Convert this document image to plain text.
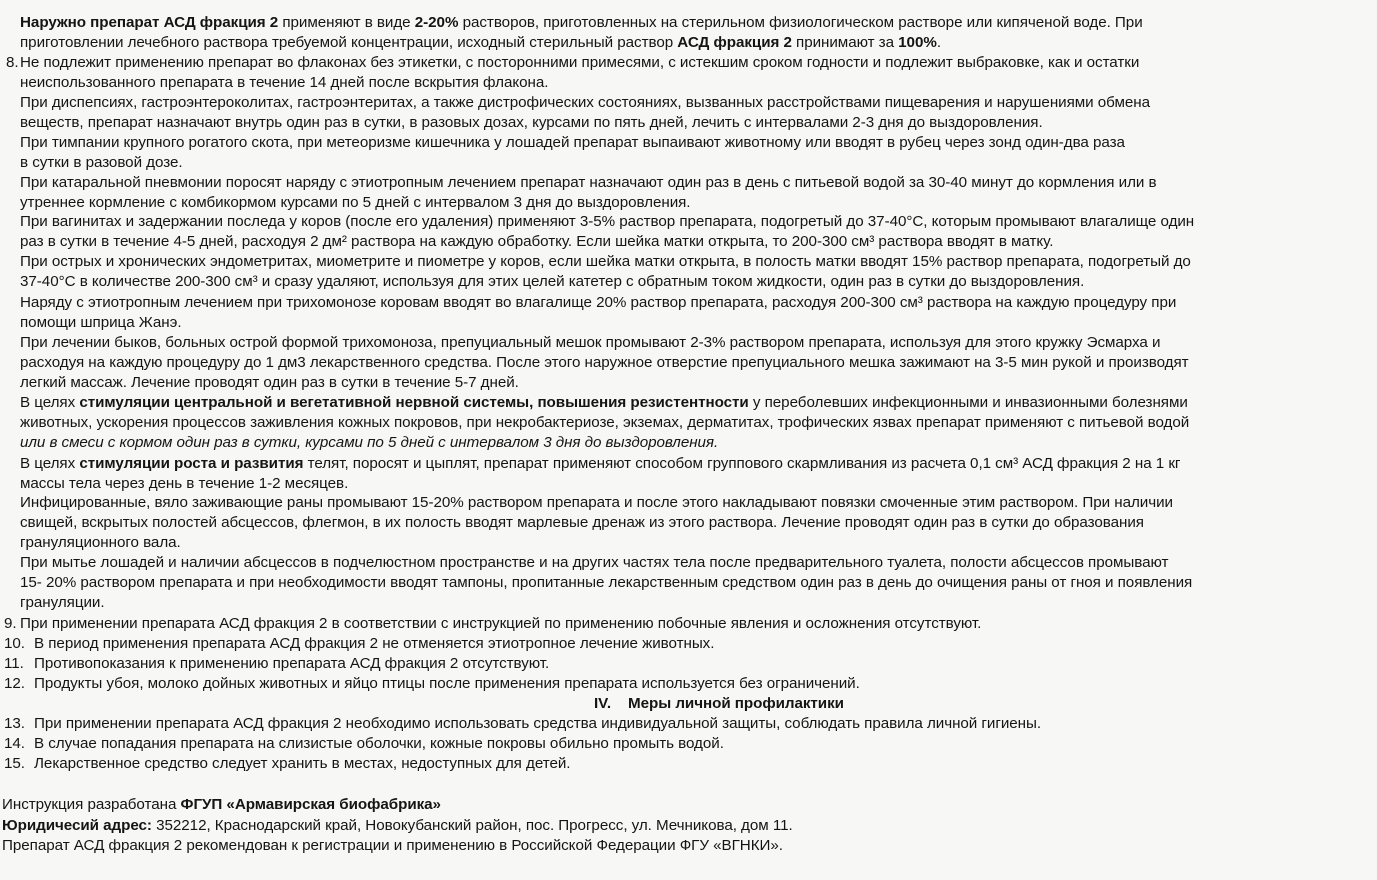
Наружно препарат АСД фракция 2 применяют в виде 2-20% растворов, приготовленных на стерильном физиологическом растворе или кипяченой воде. При
приготовлении лечебного раствора требуемой концентрации, исходный стерильный раствор АСД фракция 2 принимают за 100%.
8. Не подлежит применению препарат во флаконах без этикетки, с посторонними примесями, с истекшим сроком годности и подлежит выбраковке, как и остатки
неиспользованного препарата в течение 14 дней после вскрытия флакона.
При диспепсиях, гастроэнтероколитах, гастроэнтеритах, а также дистрофических состояниях, вызванных расстройствами пищеварения и нарушениями обмена
веществ, препарат назначают внутрь один раз в сутки, в разовых дозах, курсами по пять дней, лечить с интервалами 2-3 дня до выздоровления.
При тимпании крупного рогатого скота, при метеоризме кишечника у лошадей препарат выпаивают животному или вводят в рубец через зонд один-два раза
в сутки в разовой дозе.
При катаральной пневмонии поросят наряду с этиотропным лечением препарат назначают один раз в день с питьевой водой за 30-40 минут до кормления или в
утреннее кормление с комбикормом курсами по 5 дней с интервалом 3 дня до выздоровления.
При вагинитах и задержании последа у коров (после его удаления) применяют 3-5% раствор препарата, подогретый до 37-40°С, которым промывают влагалище один
раз в сутки в течение 4-5 дней, расходуя 2 дм² раствора на каждую обработку. Если шейка матки открыта, то 200-300 см³ раствора вводят в матку.
При острых и хронических эндометритах, миометрите и пиометре у коров, если шейка матки открыта, в полость матки вводят 15% раствор препарата, подогретый до
37-40°С в количестве 200-300 см³ и сразу удаляют, используя для этих целей катетер с обратным током жидкости, один раз в сутки до выздоровления.
Наряду с этиотропным лечением при трихомонозе коровам вводят во влагалище 20% раствор препарата, расходуя 200-300 см³ раствора на каждую процедуру при
помощи шприца Жанэ.
При лечении быков, больных острой формой трихомоноза, препуциальный мешок промывают 2-3% раствором препарата, используя для этого кружку Эсмарха и
расходуя на каждую процедуру до 1 дм3 лекарственного средства. После этого наружное отверстие препуциального мешка зажимают на 3-5 мин рукой и производят
легкий массаж. Лечение проводят один раз в сутки в течение 5-7 дней.
В целях стимуляции центральной и вегетативной нервной системы, повышения резистентности у переболевших инфекционными и инвазионными болезнями
животных, ускорения процессов заживления кожных покровов, при некробактериозе, экземах, дерматитах, трофических язвах препарат применяют с питьевой водой
или в смеси с кормом один раз в сутки, курсами по 5 дней с интервалом 3 дня до выздоровления.
В целях стимуляции роста и развития телят, поросят и цыплят, препарат применяют способом группового скармливания из расчета 0,1 см³ АСД фракция 2 на 1 кг
массы тела через день в течение 1-2 месяцев.
Инфицированные, вяло заживающие раны промывают 15-20% раствором препарата и после этого накладывают повязки смоченные этим раствором. При наличии
свищей, вскрытых полостей абсцессов, флегмон, в их полость вводят марлевые дренаж из этого раствора. Лечение проводят один раз в сутки до образования
грануляционного вала.
При мытье лошадей и наличии абсцессов в подчелюстном пространстве и на других частях тела после предварительного туалета, полости абсцессов промывают
15- 20% раствором препарата и при необходимости вводят тампоны, пропитанные лекарственным средством один раз в день до очищения раны от гноя и появления
грануляции.
9. При применении препарата АСД фракция 2 в соответствии с инструкцией по применению побочные явления и осложнения отсутствуют.
10. В период применения препарата АСД фракция 2 не отменяется этиотропное лечение животных.
11. Противопоказания к применению препарата АСД фракция 2 отсутствуют.
12. Продукты убоя, молоко дойных животных и яйцо птицы после применения препарата используется без ограничений.
IV. Меры личной профилактики
13. При применении препарата АСД фракция 2 необходимо использовать средства индивидуальной защиты, соблюдать правила личной гигиены.
14. В случае попадания препарата на слизистые оболочки, кожные покровы обильно промыть водой.
15. Лекарственное средство следует хранить в местах, недоступных для детей.
Инструкция разработана ФГУП «Армавирская биофабрика»
Юридичесий адрес: 352212, Краснодарский край, Новокубанский район, пос. Прогресс, ул. Мечникова, дом 11.
Препарат АСД фракция 2 рекомендован к регистрации и применению в Российской Федерации ФГУ «ВГНКИ».
